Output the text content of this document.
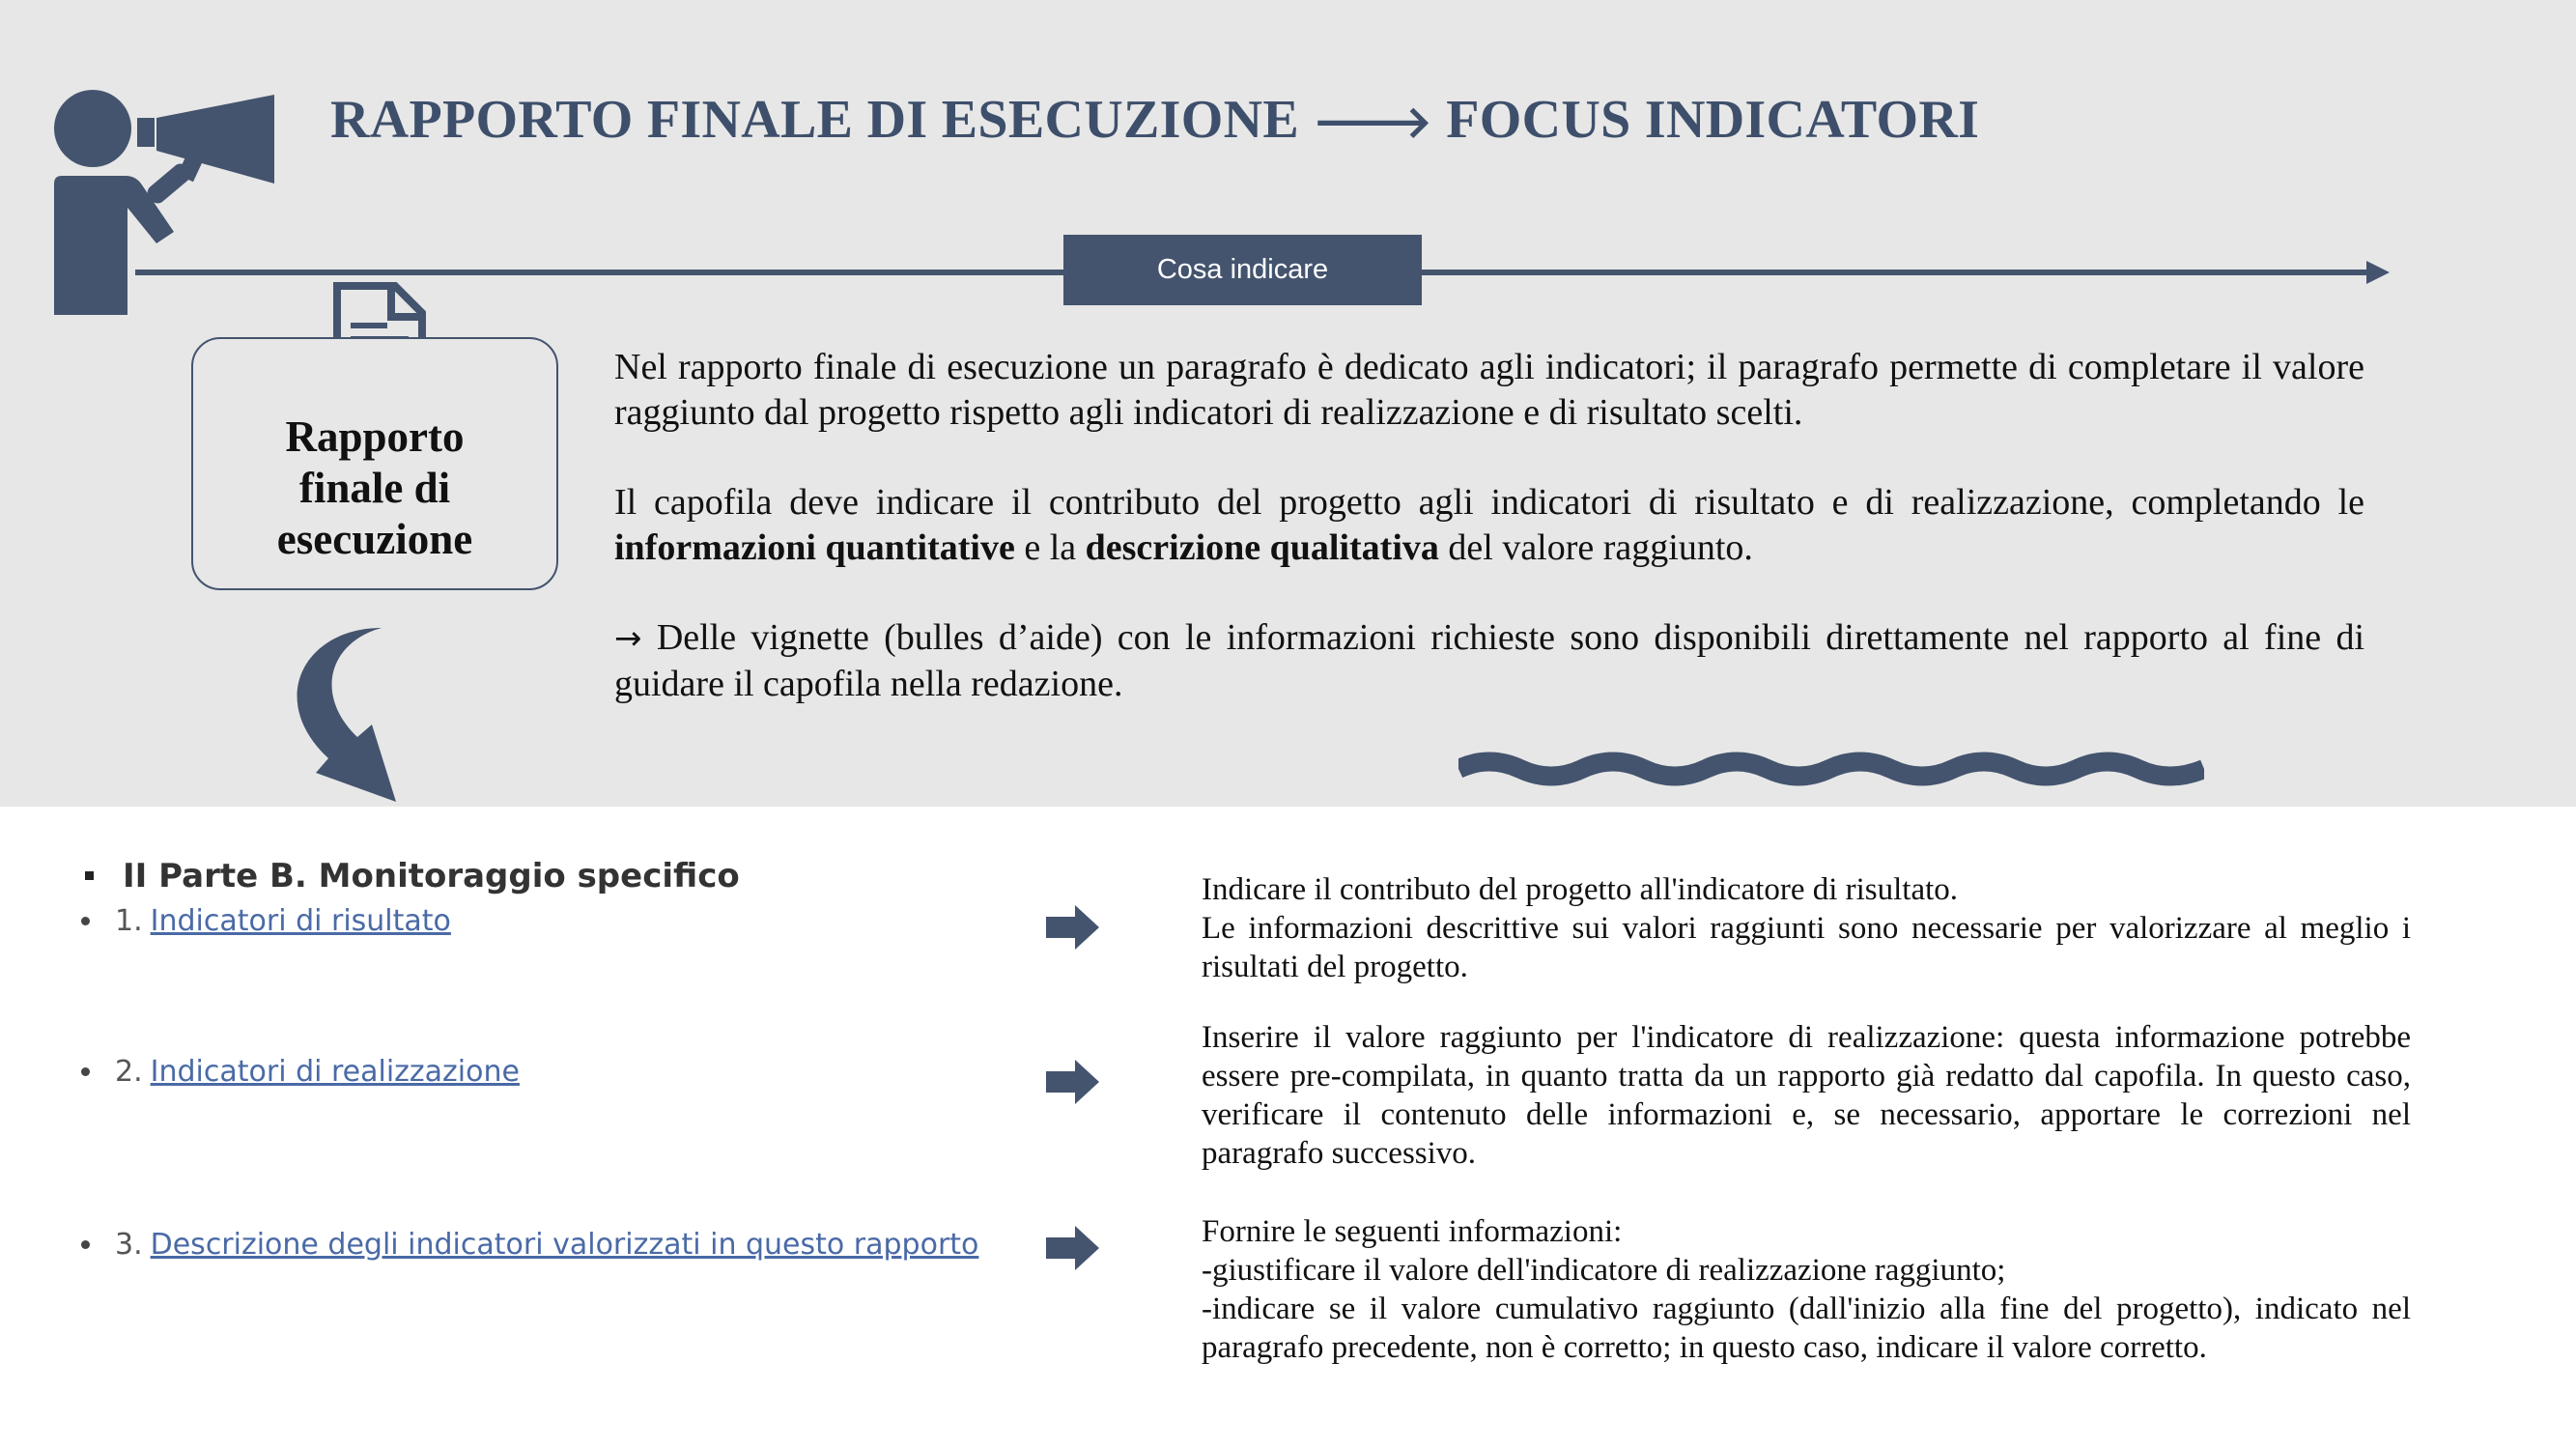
RAPPORTO FINALE DI ESECUZIONE 🡒 FOCUS INDICATORI
Cosa indicare
Rapporto
finale di
esecuzione
Nel rapporto finale di esecuzione un paragrafo è dedicato agli indicatori; il paragrafo permette di completare il valore raggiunto dal progetto rispetto agli indicatori di realizzazione e di risultato scelti.
Il capofila deve indicare il contributo del progetto agli indicatori di risultato e di realizzazione, completando le informazioni quantitative e la descrizione qualitativa del valore raggiunto.
→ Delle vignette (bulles d’aide) con le informazioni richieste sono disponibili direttamente nel rapporto al fine di guidare il capofila nella redazione.
II Parte B. Monitoraggio specifico
1. Indicatori di risultato
2. Indicatori di realizzazione
3. Descrizione degli indicatori valorizzati in questo rapporto
Indicare il contributo del progetto all'indicatore di risultato.
Le informazioni descrittive sui valori raggiunti sono necessarie per valorizzare al meglio i risultati del progetto.
Inserire il valore raggiunto per l'indicatore di realizzazione: questa informazione potrebbe essere pre-compilata, in quanto tratta da un rapporto già redatto dal capofila. In questo caso, verificare il contenuto delle informazioni e, se necessario, apportare le correzioni nel paragrafo successivo.
Fornire le seguenti informazioni:
-giustificare il valore dell'indicatore di realizzazione raggiunto;
-indicare se il valore cumulativo raggiunto (dall'inizio alla fine del progetto), indicato nel paragrafo precedente, non è corretto; in questo caso, indicare il valore corretto.
